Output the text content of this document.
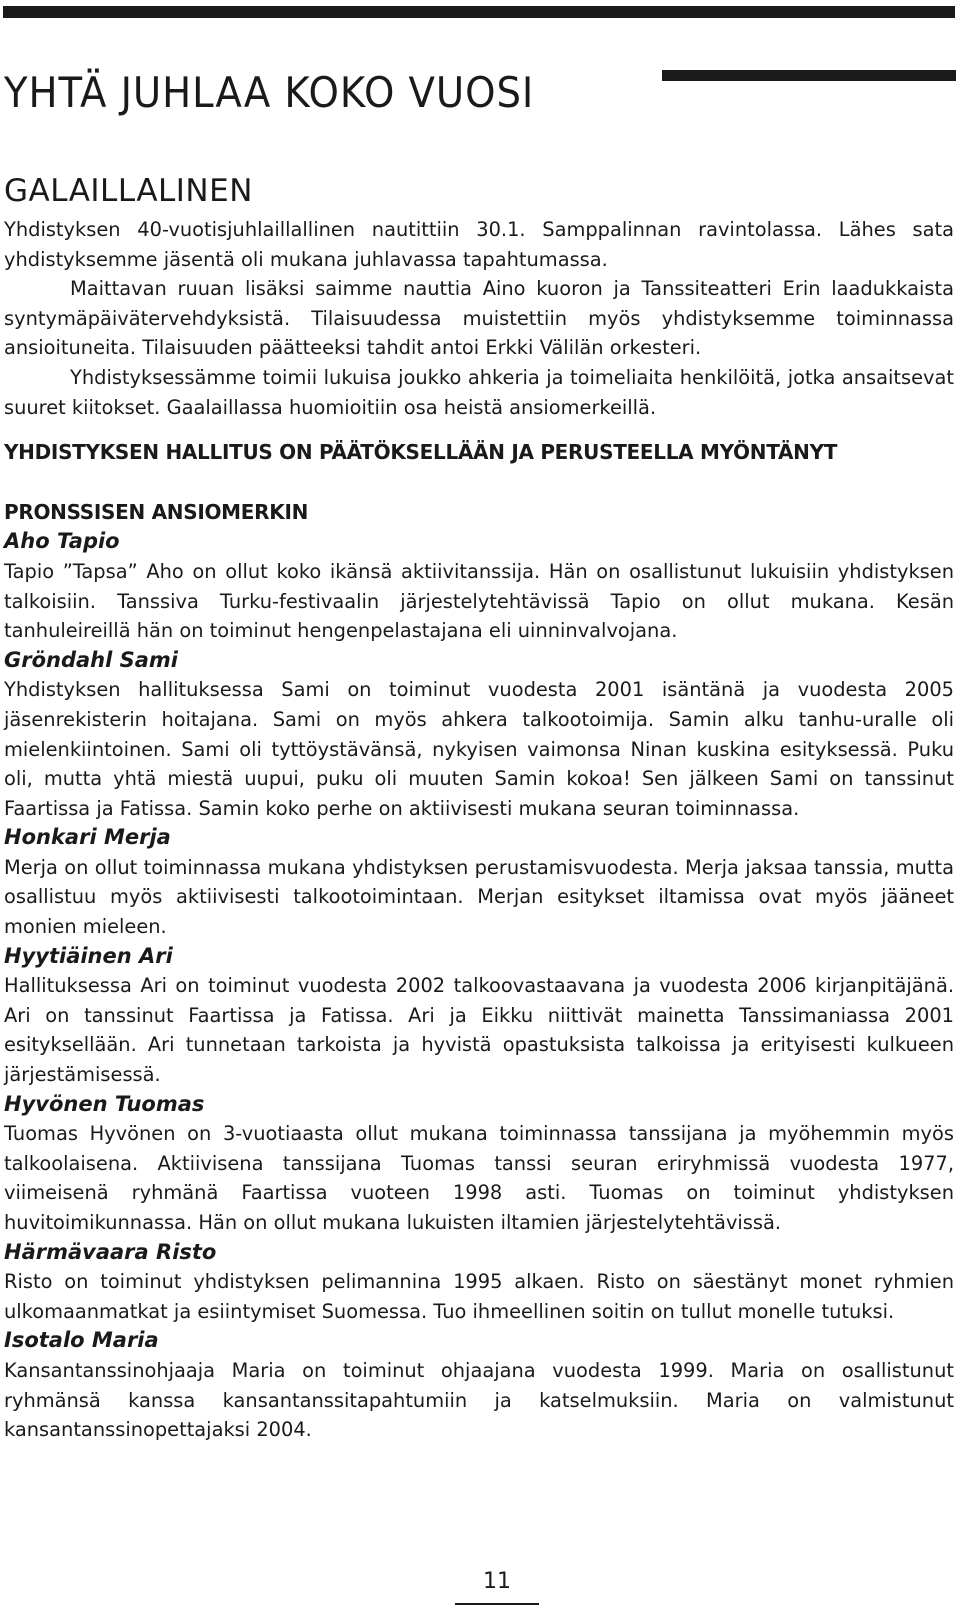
YHTÄ JUHLAA KOKO VUOSI
GALAILLALINEN

Yhdistyksen 40-vuotisjuhlaillallinen nautittiin 30.1. Samppalinnan ravintolassa. Lähes sata yhdistyksemme jäsentä oli mukana juhlavassa tapahtumassa.

Maittavan ruuan lisäksi saimme nauttia Aino kuoron ja Tanssiteatteri Erin laadukkaista syntymäpäivätervehdyksistä. Tilaisuudessa muistettiin myös yhdistyksemme toiminnassa ansioituneita. Tilaisuuden päätteeksi tahdit antoi Erkki Välilän orkesteri.

Yhdistyksessämme toimii lukuisa joukko ahkeria ja toimeliaita henkilöitä, jotka ansaitsevat suuret kiitokset. Gaalaillassa huomioitiin osa heistä ansiomerkeillä.

YHDISTYKSEN HALLITUS ON PÄÄTÖKSELLÄÄN JA PERUSTEELLA MYÖNTÄNYT

PRONSSISEN ANSIOMERKIN

Aho Tapio

Tapio ”Tapsa” Aho on ollut koko ikänsä aktiivitanssija. Hän on osallistunut lukuisiin yhdistyksen talkoisiin. Tanssiva Turku-festivaalin järjestelytehtävissä Tapio on ollut mukana. Kesän tanhuleireillä hän on toiminut hengenpelastajana eli uinninvalvojana.

Gröndahl Sami

Yhdistyksen hallituksessa Sami on toiminut vuodesta 2001 isäntänä ja vuodesta 2005 jäsenrekisterin hoitajana. Sami on myös ahkera talkootoimija. Samin alku tanhu-uralle oli mielenkiintoinen. Sami oli tyttöystävänsä, nykyisen vaimonsa Ninan kuskina esityksessä. Puku oli, mutta yhtä miestä uupui, puku oli muuten Samin kokoa! Sen jälkeen Sami on tanssinut Faartissa ja Fatissa. Samin koko perhe on aktiivisesti mukana seuran toiminnassa.

Honkari Merja

Merja on ollut toiminnassa mukana yhdistyksen perustamisvuodesta. Merja jaksaa tanssia, mutta osallistuu myös aktiivisesti talkootoimintaan. Merjan esitykset iltamissa ovat myös jääneet monien mieleen.

Hyytiäinen Ari

Hallituksessa Ari on toiminut vuodesta 2002 talkoovastaavana ja vuodesta 2006 kirjanpitäjänä. Ari on tanssinut Faartissa ja Fatissa. Ari ja Eikku niittivät mainetta Tanssimaniassa 2001 esityksellään. Ari tunnetaan tarkoista ja hyvistä opastuksista talkoissa ja erityisesti kulkueen järjestämisessä.

Hyvönen Tuomas

Tuomas Hyvönen on 3-vuotiaasta ollut mukana toiminnassa tanssijana ja myöhemmin myös talkoolaisena. Aktiivisena tanssijana Tuomas tanssi seuran eriryhmissä vuodesta 1977, viimeisenä ryhmänä Faartissa vuoteen 1998 asti. Tuomas on toiminut yhdistyksen huvitoimikunnassa. Hän on ollut mukana lukuisten iltamien järjestelytehtävissä.

Härmävaara Risto

Risto on toiminut yhdistyksen pelimannina 1995 alkaen. Risto on säestänyt monet ryhmien ulkomaanmatkat ja esiintymiset Suomessa. Tuo ihmeellinen soitin on tullut monelle tutuksi.

Isotalo Maria

Kansantanssinohjaaja Maria on toiminut ohjaajana vuodesta 1999. Maria on osallistunut ryhmänsä kanssa kansantanssitapahtumiin ja katselmuksiin. Maria on valmistunut kansantanssinopettajaksi 2004.

11
